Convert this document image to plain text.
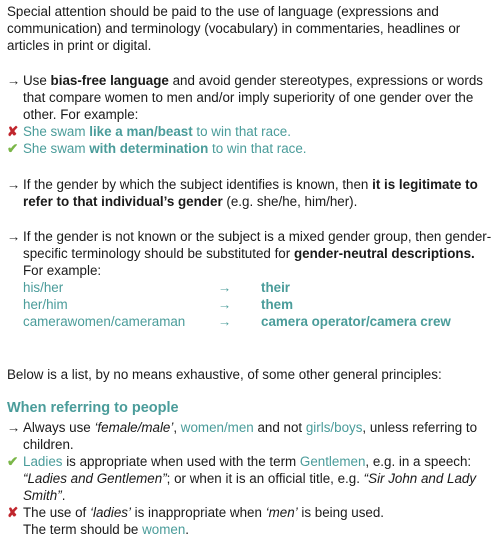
Special attention should be paid to the use of language (expressions and communication) and terminology (vocabulary) in commentaries, headlines or articles in print or digital.
→ Use bias-free language and avoid gender stereotypes, expressions or words that compare women to men and/or imply superiority of one gender over the other. For example:
✘ She swam like a man/beast to win that race.
✔ She swam with determination to win that race.
→ If the gender by which the subject identifies is known, then it is legitimate to refer to that individual’s gender (e.g. she/he, him/her).
→ If the gender is not known or the subject is a mixed gender group, then gender-specific terminology should be substituted for gender-neutral descriptions.
For example:
his/her	→ their
her/him	→ them
camerawomen/cameraman → camera operator/camera crew
Below is a list, by no means exhaustive, of some other general principles:
When referring to people
→ Always use ‘female/male’, women/men and not girls/boys, unless referring to children.
✔ Ladies is appropriate when used with the term Gentlemen, e.g. in a speech: “Ladies and Gentlemen”; or when it is an official title, e.g. “Sir John and Lady Smith”.
✘ The use of ‘ladies’ is inappropriate when ‘men’ is being used.
The term should be women.
